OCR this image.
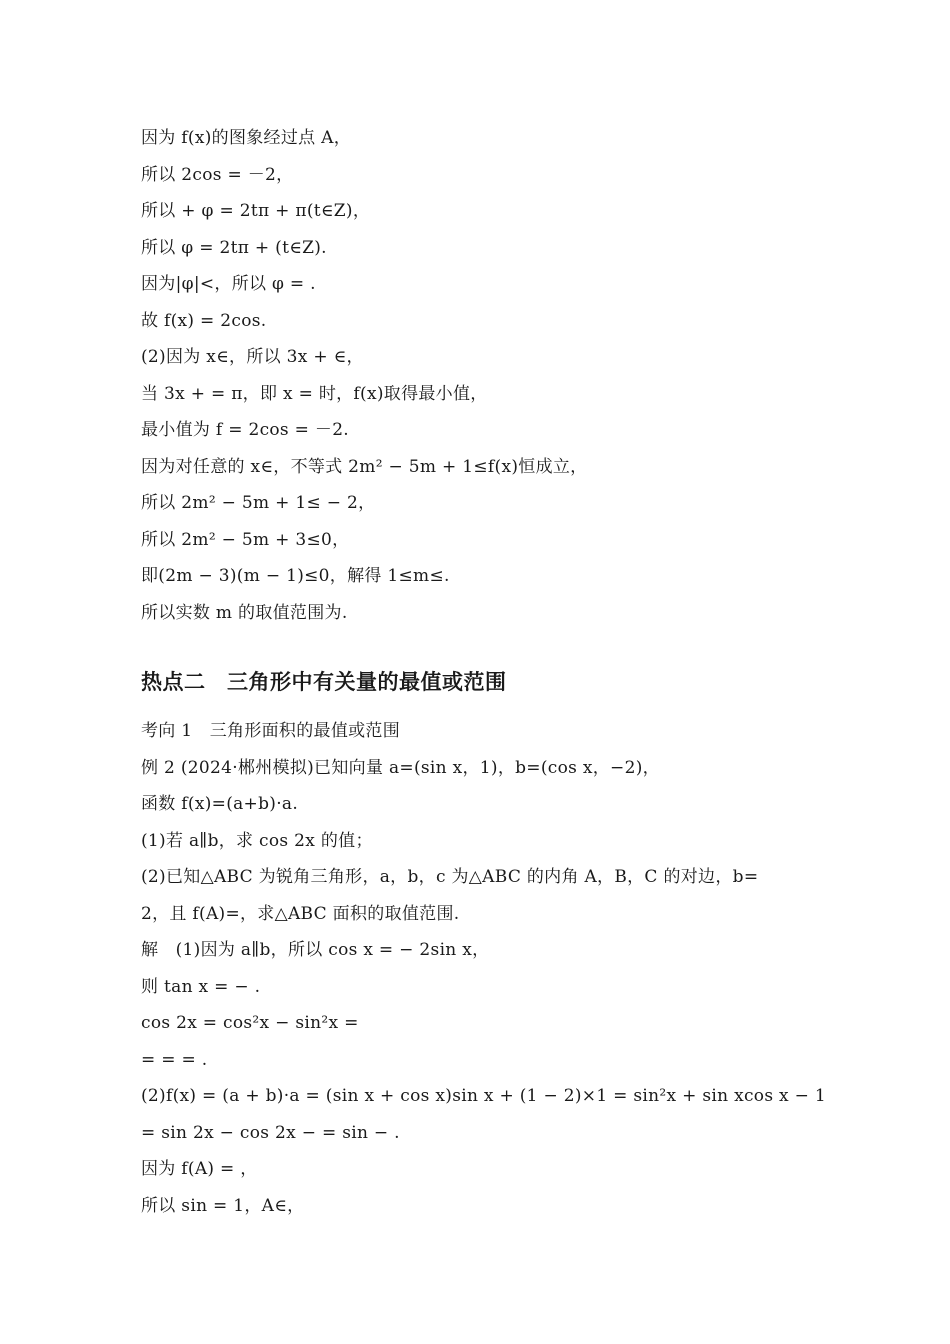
因为 f(x)的图象经过点 A，
所以 2cos = －2，
所以 + φ = 2tπ + π(t∈Z)，
所以 φ = 2tπ + (t∈Z).
因为|φ|<，所以 φ = .
故 f(x) = 2cos.
(2)因为 x∈，所以 3x + ∈，
当 3x + = π，即 x = 时，f(x)取得最小值，
最小值为 f = 2cos = －2.
因为对任意的 x∈，不等式 2m² − 5m + 1≤f(x)恒成立，
所以 2m² − 5m + 1≤ − 2，
所以 2m² − 5m + 3≤0，
即(2m − 3)(m − 1)≤0，解得 1≤m≤.
所以实数 m 的取值范围为.
热点二　三角形中有关量的最值或范围
考向 1　三角形面积的最值或范围
例 2 (2024·郴州模拟)已知向量 a=(sin x，1)，b=(cos x，−2)，
函数 f(x)=(a+b)·a.
(1)若 a∥b，求 cos 2x 的值；
(2)已知△ABC 为锐角三角形，a，b，c 为△ABC 的内角 A，B，C 的对边，b=
2，且 f(A)=，求△ABC 面积的取值范围.
解　(1)因为 a∥b，所以 cos x = − 2sin x，
则 tan x = − .
cos 2x = cos²x − sin²x =
= = = .
(2)f(x) = (a + b)·a = (sin x + cos x)sin x + (1 − 2)×1 = sin²x + sin xcos x − 1
= sin 2x − cos 2x − = sin − .
因为 f(A) = ，
所以 sin = 1，A∈，
